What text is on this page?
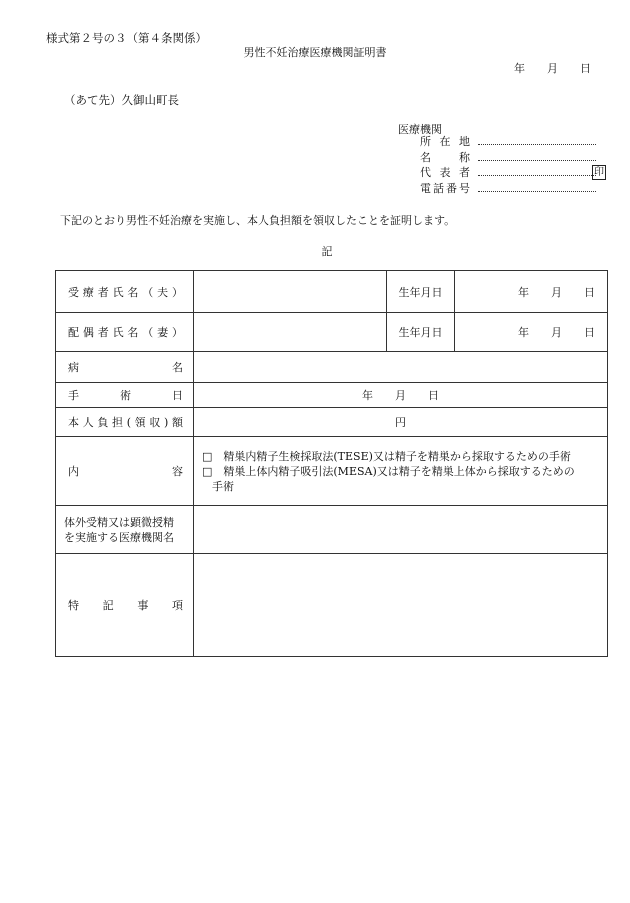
様式第２号の３（第４条関係）
男性不妊治療医療機関証明書
年　　月　　日
（あて先）久御山町長
医療機関
所在地
名　称
代表者	印
電話番号
下記のとおり男性不妊治療を実施し、本人負担額を領収したことを証明します。
記
受療者氏名（夫）		生年月日	年　　月　　日

配偶者氏名（妻）		生年月日	年　　月　　日

病　　　　名			

手　　術　　日	年　　月　　日		

本人負担(領収)額	円		

内　　　　容	□　精巣内精子生検採取法(TESE)又は精子を精巣から採取するための手術
□　精巣上体内精子吸引法(MESA)又は精子を精巣上体から採取するための
手術		

体外受精又は顕微授精
を実施する医療機関名			

特　　記　　事　　項			
